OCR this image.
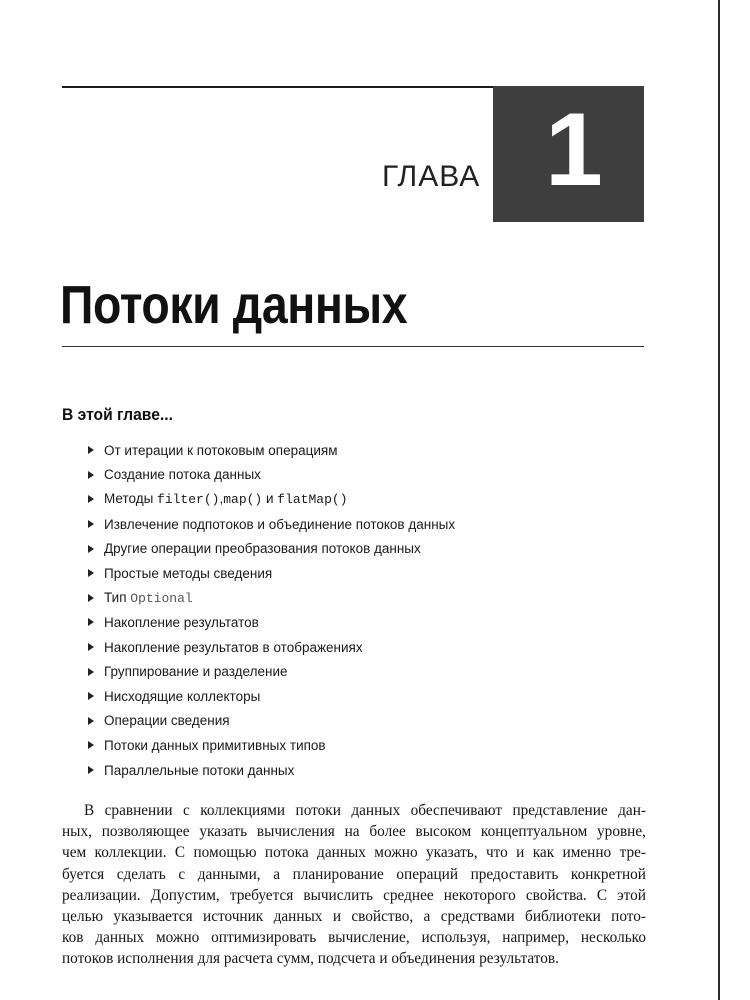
1
ГЛАВА
Потоки данных
В этой главе...
От итерации к потоковым операциям
Создание потока данных
Методы filter(),map() и flatMap()
Извлечение подпотоков и объединение потоков данных
Другие операции преобразования потоков данных
Простые методы сведения
Тип Optional
Накопление результатов
Накопление результатов в отображениях
Группирование и разделение
Нисходящие коллекторы
Операции сведения
Потоки данных примитивных типов
Параллельные потоки данных
В сравнении с коллекциями потоки данных обеспечивают представление дан-
ных, позволяющее указать вычисления на более высоком концептуальном уровне,
чем коллекции. С помощью потока данных можно указать, что и как именно тре-
буется сделать с данными, а планирование операций предоставить конкретной
реализации. Допустим, требуется вычислить среднее некоторого свойства. С этой
целью указывается источник данных и свойство, а средствами библиотеки пото-
ков данных можно оптимизировать вычисление, используя, например, несколько
потоков исполнения для расчета сумм, подсчета и объединения результатов.
